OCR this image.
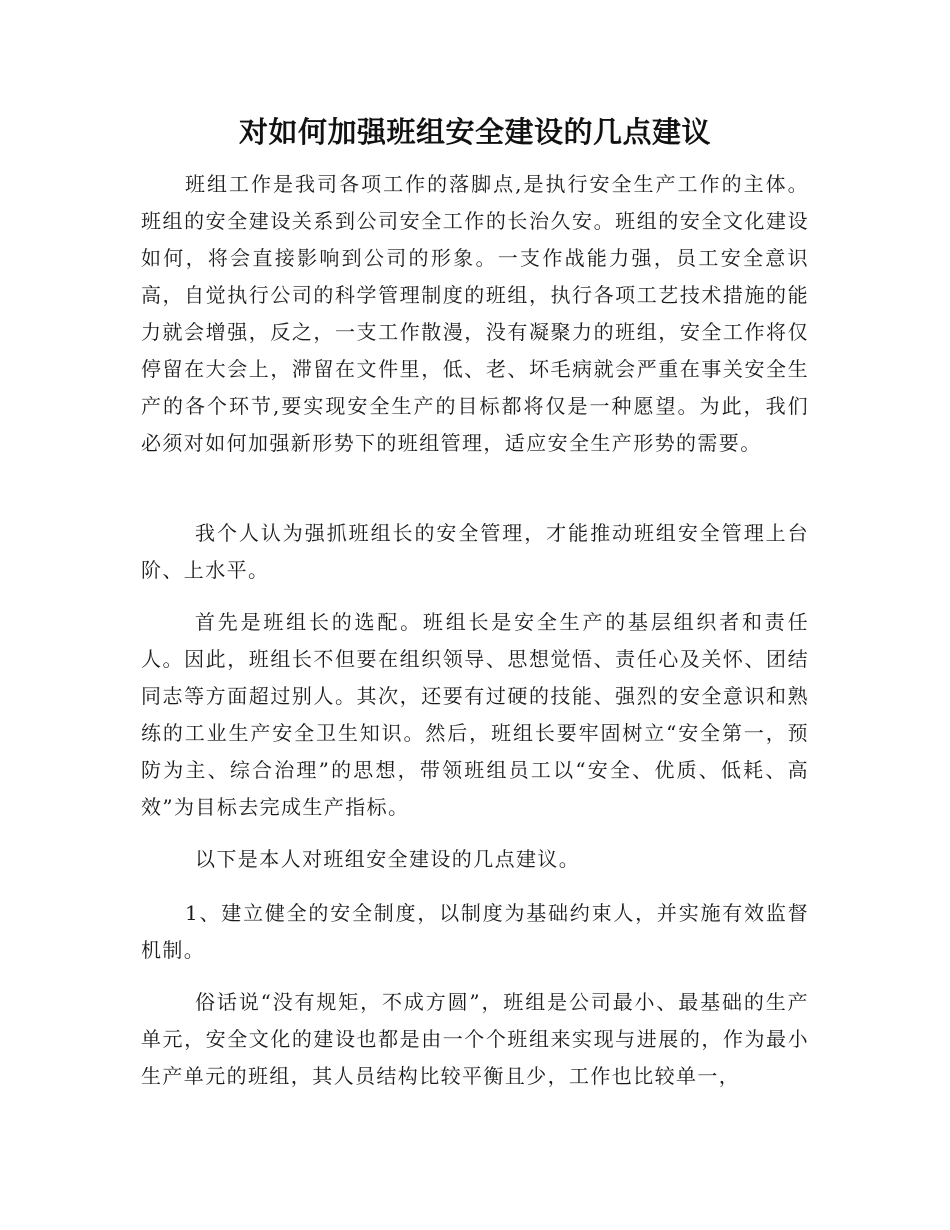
对如何加强班组安全建设的几点建议

班组工作是我司各项工作的落脚点,是执行安全生产工作的主体。班组的安全建设关系到公司安全工作的长治久安。班组的安全文化建设如何，将会直接影响到公司的形象。一支作战能力强，员工安全意识高，自觉执行公司的科学管理制度的班组，执行各项工艺技术措施的能力就会增强，反之，一支工作散漫，没有凝聚力的班组，安全工作将仅停留在大会上，滞留在文件里，低、老、坏毛病就会严重在事关安全生产的各个环节,要实现安全生产的目标都将仅是一种愿望。为此，我们必须对如何加强新形势下的班组管理，适应安全生产形势的需要。

我个人认为强抓班组长的安全管理，才能推动班组安全管理上台阶、上水平。

首先是班组长的选配。班组长是安全生产的基层组织者和责任人。因此，班组长不但要在组织领导、思想觉悟、责任心及关怀、团结同志等方面超过别人。其次，还要有过硬的技能、强烈的安全意识和熟练的工业生产安全卫生知识。然后，班组长要牢固树立“安全第一，预防为主、综合治理”的思想，带领班组员工以“安全、优质、低耗、高效”为目标去完成生产指标。

以下是本人对班组安全建设的几点建议。

1、建立健全的安全制度，以制度为基础约束人，并实施有效监督机制。

俗话说“没有规矩，不成方圆”，班组是公司最小、最基础的生产单元，安全文化的建设也都是由一个个班组来实现与进展的，作为最小生产单元的班组，其人员结构比较平衡且少，工作也比较单一，
